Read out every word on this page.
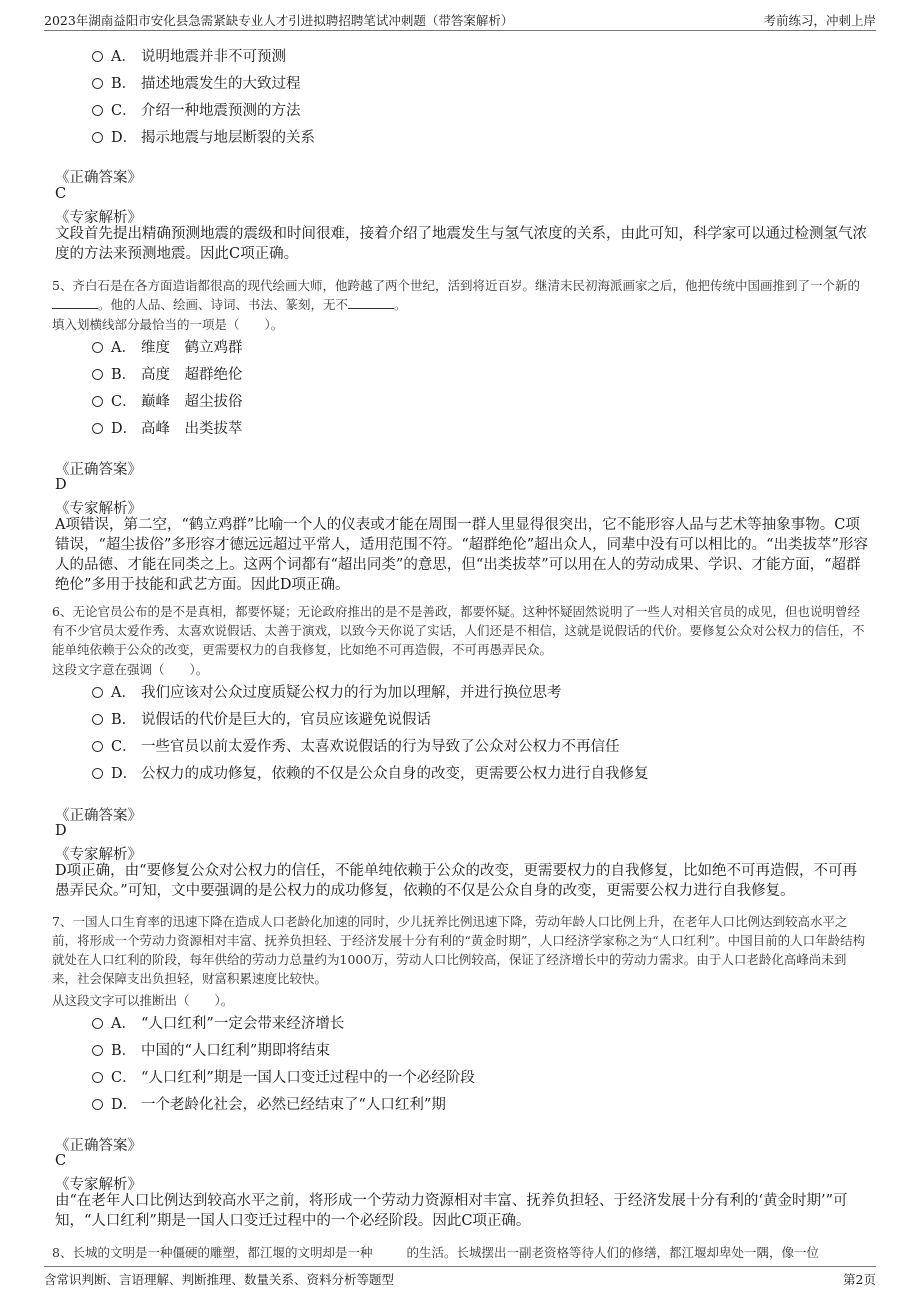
2023年湖南益阳市安化县急需紧缺专业人才引进拟聘招聘笔试冲刺题（带答案解析）	考前练习，冲刺上岸
A． 说明地震并非不可预测
B． 描述地震发生的大致过程
C． 介绍一种地震预测的方法
D． 揭示地震与地层断裂的关系
《正确答案》
C
《专家解析》
文段首先提出精确预测地震的震级和时间很难，接着介绍了地震发生与氢气浓度的关系，由此可知，科学家可以通过检测氢气浓度的方法来预测地震。因此C项正确。
5、齐白石是在各方面造诣都很高的现代绘画大师，他跨越了两个世纪，活到将近百岁。继清末民初海派画家之后，他把传统中国画推到了一个新的。他的人品、绘画、诗词、书法、篆刻，无不	。
填入划横线部分最恰当的一项是（　　）。
A． 维度　鹤立鸡群
B． 高度　超群绝伦
C． 巅峰　超尘拔俗
D． 高峰　出类拔萃
《正确答案》
D
《专家解析》
A项错误，第二空，“鹤立鸡群”比喻一个人的仪表或才能在周围一群人里显得很突出，它不能形容人品与艺术等抽象事物。C项错误，“超尘拔俗”多形容才德远远超过平常人，适用范围不符。“超群绝伦”超出众人，同辈中没有可以相比的。“出类拔萃”形容人的品德、才能在同类之上。这两个词都有“超出同类”的意思，但“出类拔萃”可以用在人的劳动成果、学识、才能方面，“超群绝伦”多用于技能和武艺方面。因此D项正确。
6、无论官员公布的是不是真相，都要怀疑；无论政府推出的是不是善政，都要怀疑。这种怀疑固然说明了一些人对相关官员的成见，但也说明曾经有不少官员太爱作秀、太喜欢说假话、太善于演戏，以致今天你说了实话，人们还是不相信，这就是说假话的代价。要修复公众对公权力的信任，不能单纯依赖于公众的改变，更需要权力的自我修复，比如绝不可再造假，不可再愚弄民众。
这段文字意在强调（　　）。
A． 我们应该对公众过度质疑公权力的行为加以理解，并进行换位思考
B． 说假话的代价是巨大的，官员应该避免说假话
C． 一些官员以前太爱作秀、太喜欢说假话的行为导致了公众对公权力不再信任
D． 公权力的成功修复，依赖的不仅是公众自身的改变，更需要公权力进行自我修复
《正确答案》
D
《专家解析》
D项正确，由“要修复公众对公权力的信任，不能单纯依赖于公众的改变，更需要权力的自我修复，比如绝不可再造假，不可再愚弄民众。”可知，文中要强调的是公权力的成功修复，依赖的不仅是公众自身的改变，更需要公权力进行自我修复。
7、一国人口生育率的迅速下降在造成人口老龄化加速的同时，少儿抚养比例迅速下降，劳动年龄人口比例上升，在老年人口比例达到较高水平之前，将形成一个劳动力资源相对丰富、抚养负担轻、于经济发展十分有利的“黄金时期”，人口经济学家称之为“人口红利”。中国目前的人口年龄结构就处在人口红利的阶段，每年供给的劳动力总量约为1000万，劳动人口比例较高，保证了经济增长中的劳动力需求。由于人口老龄化高峰尚未到来，社会保障支出负担轻，财富积累速度比较快。
从这段文字可以推断出（　　）。
A． “人口红利”一定会带来经济增长
B． 中国的“人口红利”期即将结束
C． “人口红利”期是一国人口变迁过程中的一个必经阶段
D． 一个老龄化社会，必然已经结束了“人口红利”期
《正确答案》
C
《专家解析》
由“在老年人口比例达到较高水平之前，将形成一个劳动力资源相对丰富、抚养负担轻、于经济发展十分有利的‘黄金时期’”可知，“人口红利”期是一国人口变迁过程中的一个必经阶段。因此C项正确。
8、长城的文明是一种僵硬的雕塑，都江堰的文明却是一种	的生活。长城摆出一副老资格等待人们的修缮，都江堰却卑处一隅，像一位
含常识判断、言语理解、判断推理、数量关系、资料分析等题型	第2页
